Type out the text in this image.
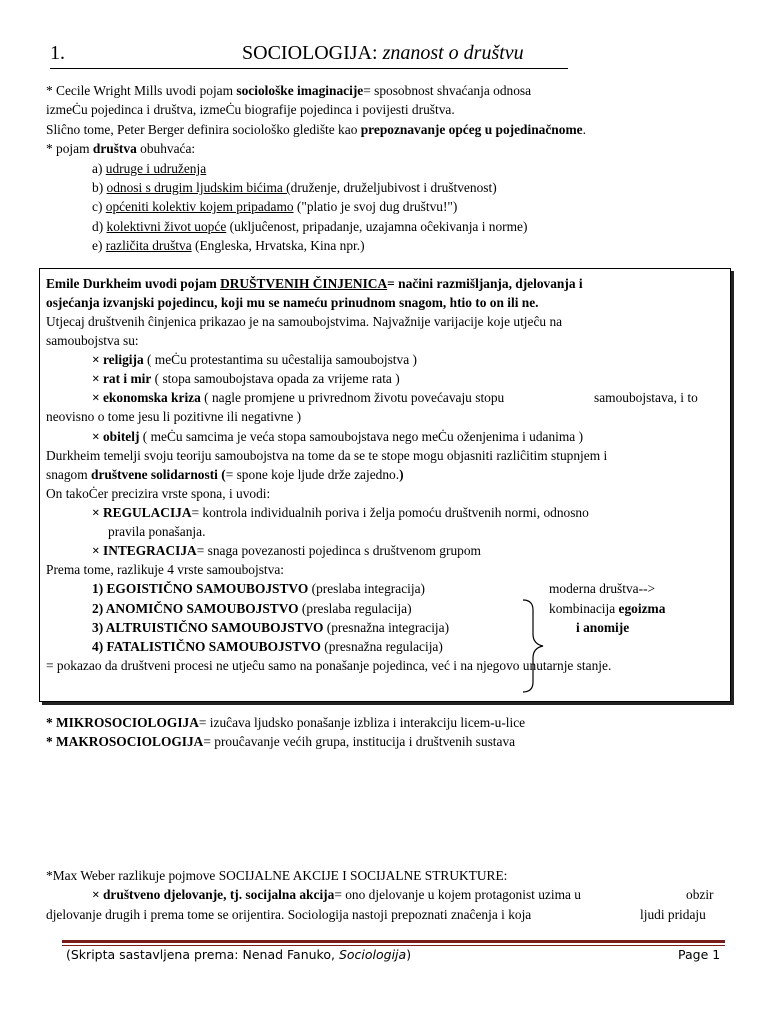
1.	SOCIOLOGIJA: znanost o društvu
* Cecile Wright Mills uvodi pojam sociološke imaginacije= sposobnost shvaćanja odnosa
izmeĊu pojedinca i društva, izmeĊu biografije pojedinca i povijesti društva.
Sliĉno tome, Peter Berger definira sociološko gledište kao prepoznavanje općeg u pojedinačnome.
* pojam društva obuhvaća:
a) udruge i udruženja
b) odnosi s drugim ljudskim bićima (druženje, druželjubivost i društvenost)
c) općeniti kolektiv kojem pripadamo ("platio je svoj dug društvu!")
d) kolektivni život uopće (ukljuĉenost, pripadanje, uzajamna oĉekivanja i norme)
e) različita društva (Engleska, Hrvatska, Kina npr.)
Emile Durkheim uvodi pojam DRUŠTVENIH ČINJENICA= načini razmišljanja, djelovanja i
osjećanja izvanjski pojedincu, koji mu se nameću prinudnom snagom, htio to on ili ne.
Utjecaj društvenih ĉinjenica prikazao je na samoubojstvima. Najvažnije varijacije koje utjeĉu na
samoubojstva su:
× religija ( meĊu protestantima su uĉestalija samoubojstva )
× rat i mir ( stopa samoubojstava opada za vrijeme rata )
× ekonomska kriza ( nagle promjene u privrednom životu povećavaju stopu	samoubojstava, i to
neovisno o tome jesu li pozitivne ili negativne )
× obitelj ( meĊu samcima je veća stopa samoubojstava nego meĊu oženjenima i udanima )
Durkheim temelji svoju teoriju samoubojstva na tome da se te stope mogu objasniti razliĉitim stupnjem i
snagom društvene solidarnosti (= spone koje ljude drže zajedno.)
On takoĊer precizira vrste spona, i uvodi:
× REGULACIJA= kontrola individualnih poriva i želja pomoću društvenih normi, odnosno
pravila ponašanja.
× INTEGRACIJA= snaga povezanosti pojedinca s društvenom grupom
Prema tome, razlikuje 4 vrste samoubojstva:
1) EGOISTIČNO SAMOUBOJSTVO (preslaba integracija)
2) ANOMIČNO SAMOUBOJSTVO (preslaba regulacija)
3) ALTRUISTIČNO SAMOUBOJSTVO (presnažna integracija)
4) FATALISTIČNO SAMOUBOJSTVO (presnažna regulacija)
moderna društva-->
kombinacija egoizma
i anomije
= pokazao da društveni procesi ne utjeĉu samo na ponašanje pojedinca, već i na njegovo unutarnje stanje.
* MIKROSOCIOLOGIJA= izuĉava ljudsko ponašanje izbliza i interakciju licem-u-lice
* MAKROSOCIOLOGIJA= prouĉavanje većih grupa, institucija i društvenih sustava
*Max Weber razlikuje pojmove SOCIJALNE AKCIJE I SOCIJALNE STRUKTURE:
× društveno djelovanje, tj. socijalna akcija= ono djelovanje u kojem protagonist uzima u	obzir
djelovanje drugih i prema tome se orijentira. Sociologija nastoji prepoznati znaĉenja i koja	ljudi pridaju
(Skripta sastavljena prema: Nenad Fanuko, Sociologija)	Page 1
